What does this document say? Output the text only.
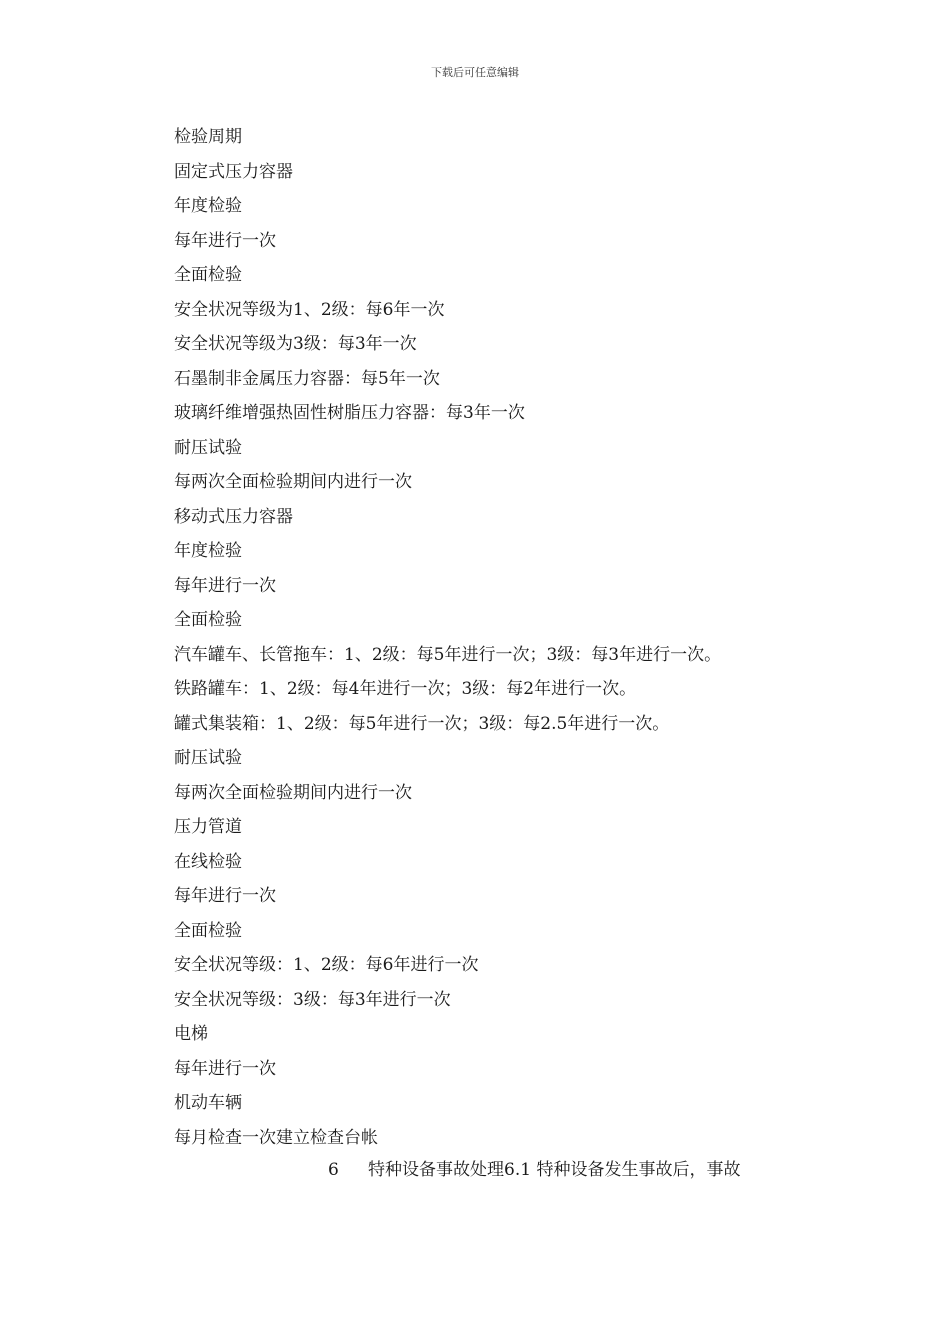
下载后可任意编辑
检验周期
固定式压力容器
年度检验
每年进行一次
全面检验
安全状况等级为1、2级：每6年一次
安全状况等级为3级：每3年一次
石墨制非金属压力容器：每5年一次
玻璃纤维增强热固性树脂压力容器：每3年一次
耐压试验
每两次全面检验期间内进行一次
移动式压力容器
年度检验
每年进行一次
全面检验
汽车罐车、长管拖车：1、2级：每5年进行一次；3级：每3年进行一次。
铁路罐车：1、2级：每4年进行一次；3级：每2年进行一次。
罐式集装箱：1、2级：每5年进行一次；3级：每2.5年进行一次。
耐压试验
每两次全面检验期间内进行一次
压力管道
在线检验
每年进行一次
全面检验
安全状况等级：1、2级：每6年进行一次
安全状况等级：3级：每3年进行一次
电梯
每年进行一次
机动车辆
每月检查一次建立检查台帐
6 特种设备事故处理6.1 特种设备发生事故后，事故
